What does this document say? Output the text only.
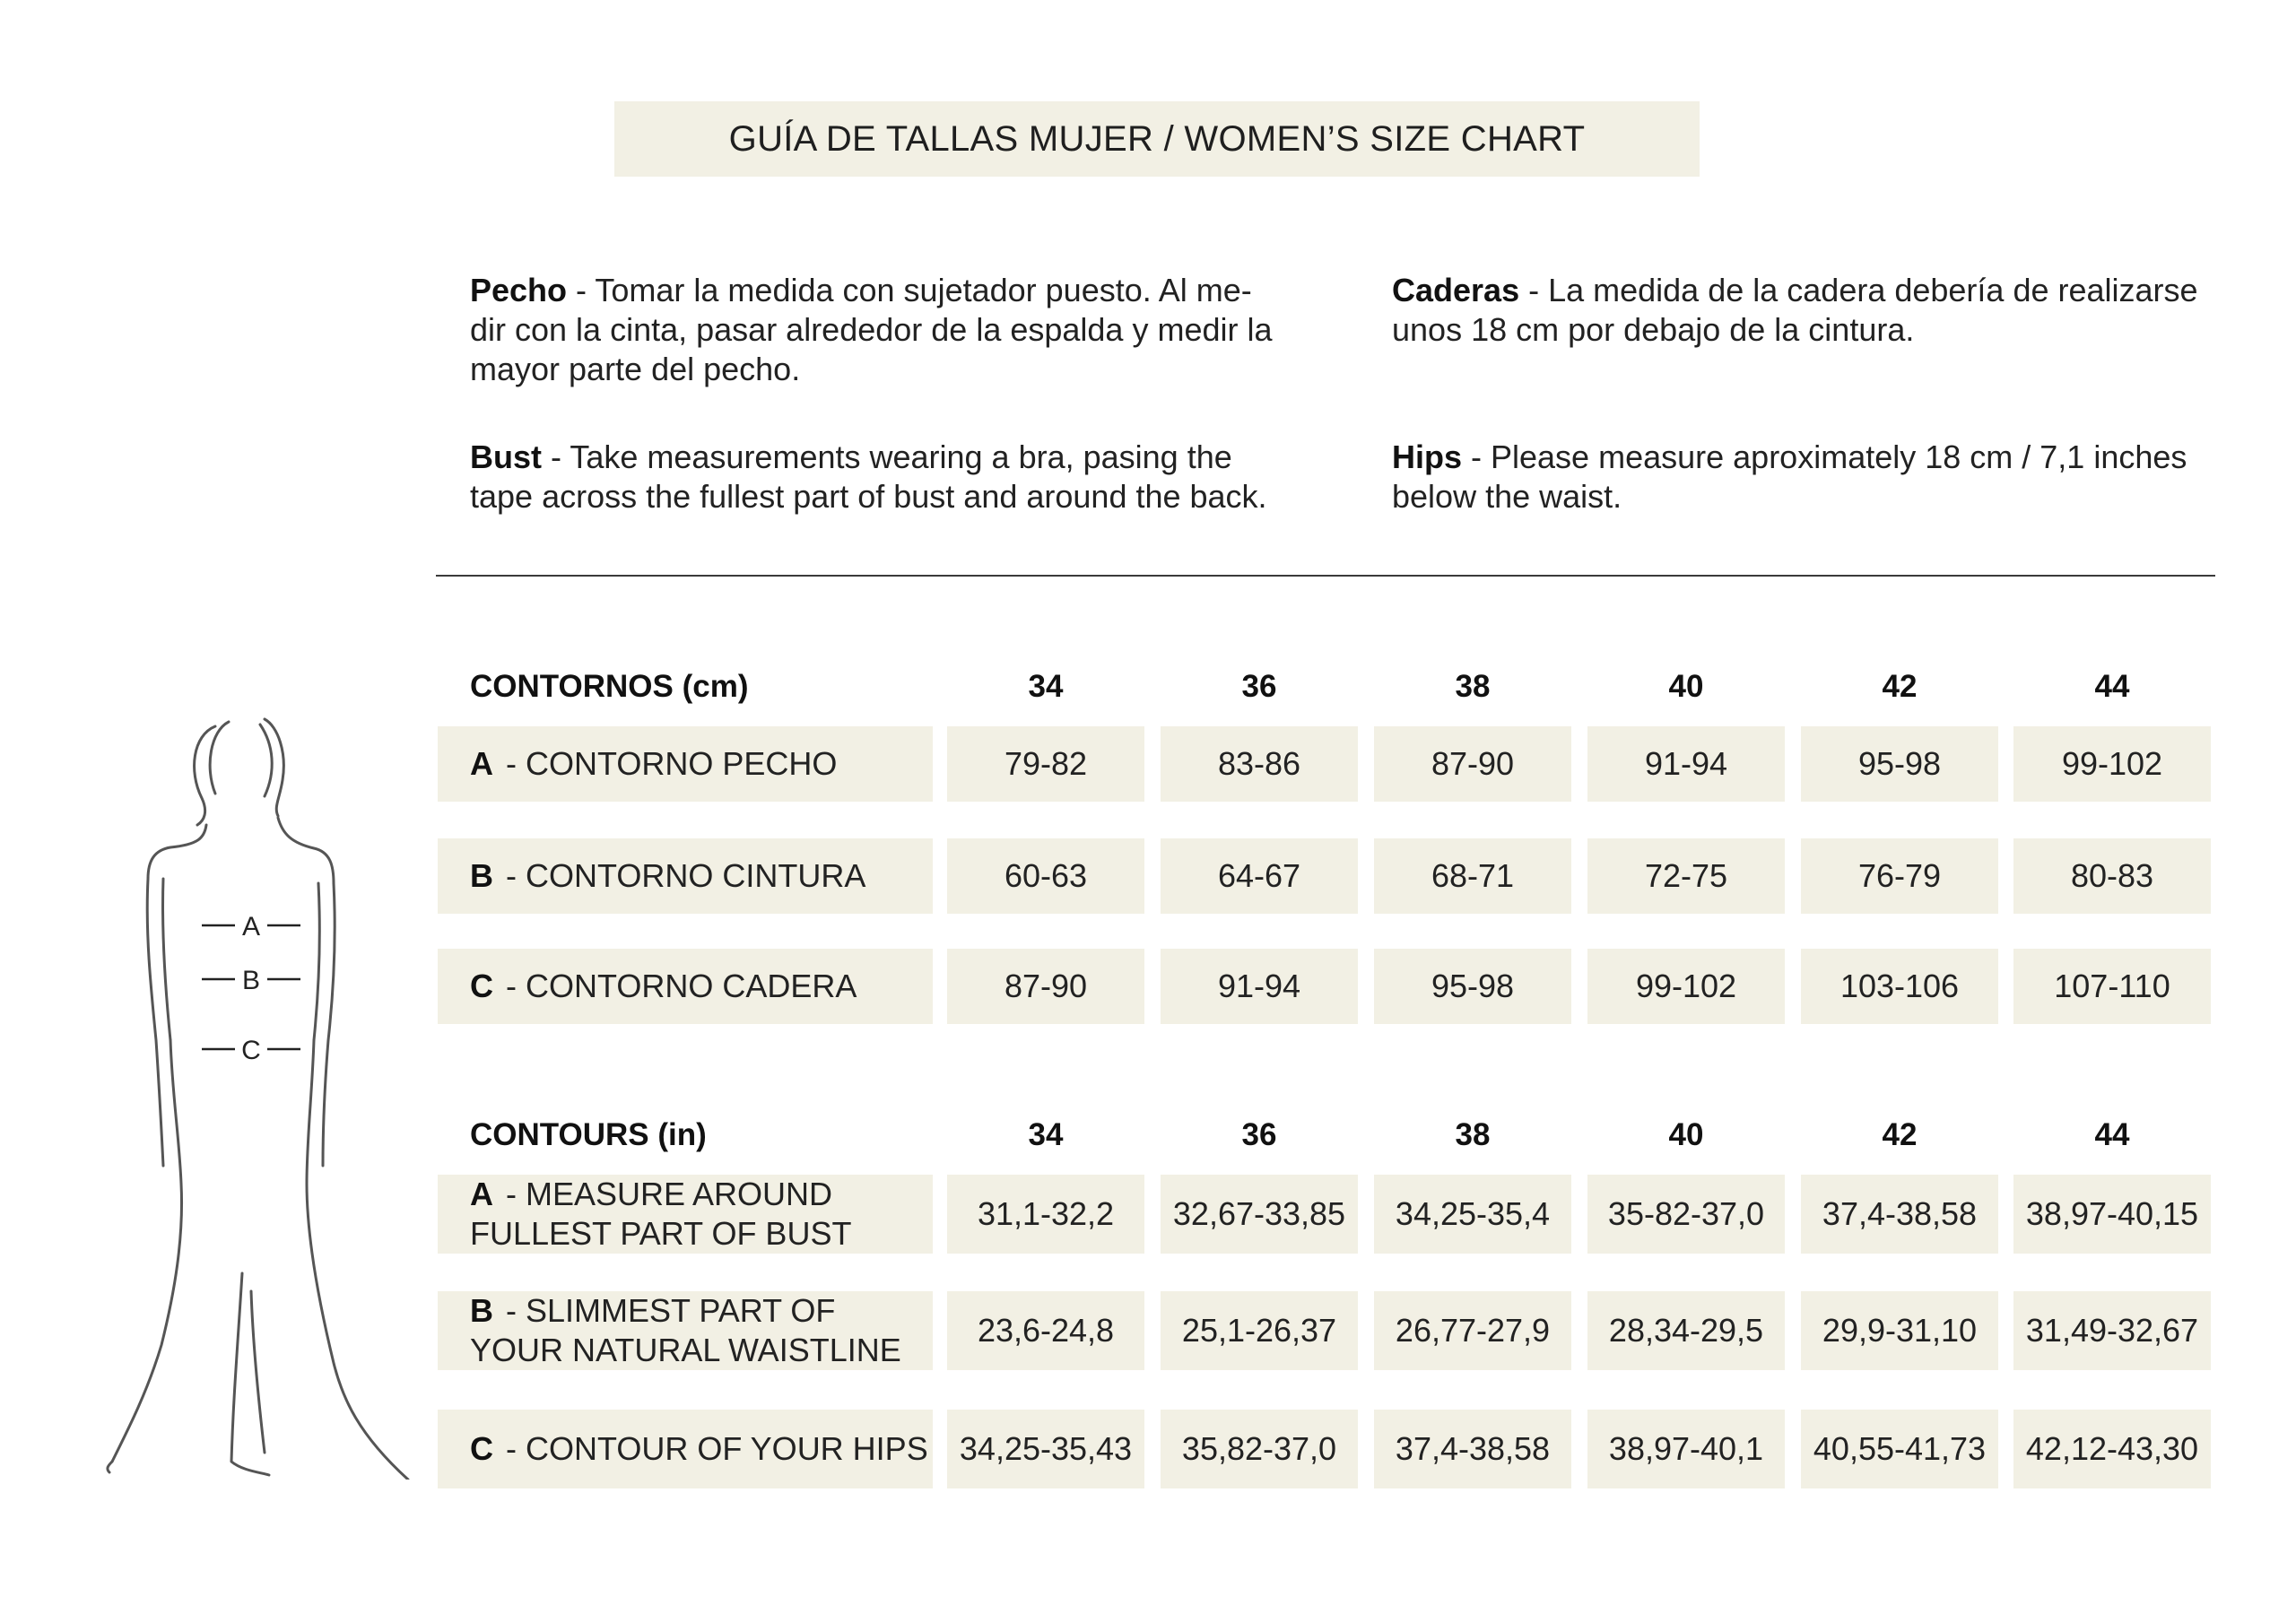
GUÍA DE TALLAS MUJER / WOMEN’S SIZE CHART
Pecho - Tomar la medida con sujetador puesto. Al me-
dir con la cinta, pasar alrededor de la espalda y medir la
mayor parte del pecho.
Bust - Take measurements wearing a bra, pasing the
tape across the fullest part of bust and around the back.
Caderas - La medida de la cadera debería de realizarse
unos 18 cm por debajo de la cintura.
Hips - Please measure aproximately 18 cm / 7,1 inches
below the waist.
A
B
C
CONTORNOS (cm)	34	36	38	40	42	44
A - CONTORNO PECHO	79-82	83-86	87-90	91-94	95-98	99-102
B - CONTORNO CINTURA	60-63	64-67	68-71	72-75	76-79	80-83
C - CONTORNO CADERA	87-90	91-94	95-98	99-102	103-106	107-110
CONTOURS (in)	34	36	38	40	42	44
A - MEASURE AROUND
FULLEST PART OF BUST
31,1-32,2	32,67-33,85	34,25-35,4	35-82-37,0	37,4-38,58	38,97-40,15
B - SLIMMEST PART OF
YOUR NATURAL WAISTLINE
23,6-24,8	25,1-26,37	26,77-27,9	28,34-29,5	29,9-31,10	31,49-32,67
C - CONTOUR OF YOUR HIPS 34,25-35,43	35,82-37,0	37,4-38,58	38,97-40,1	40,55-41,73	42,12-43,30
